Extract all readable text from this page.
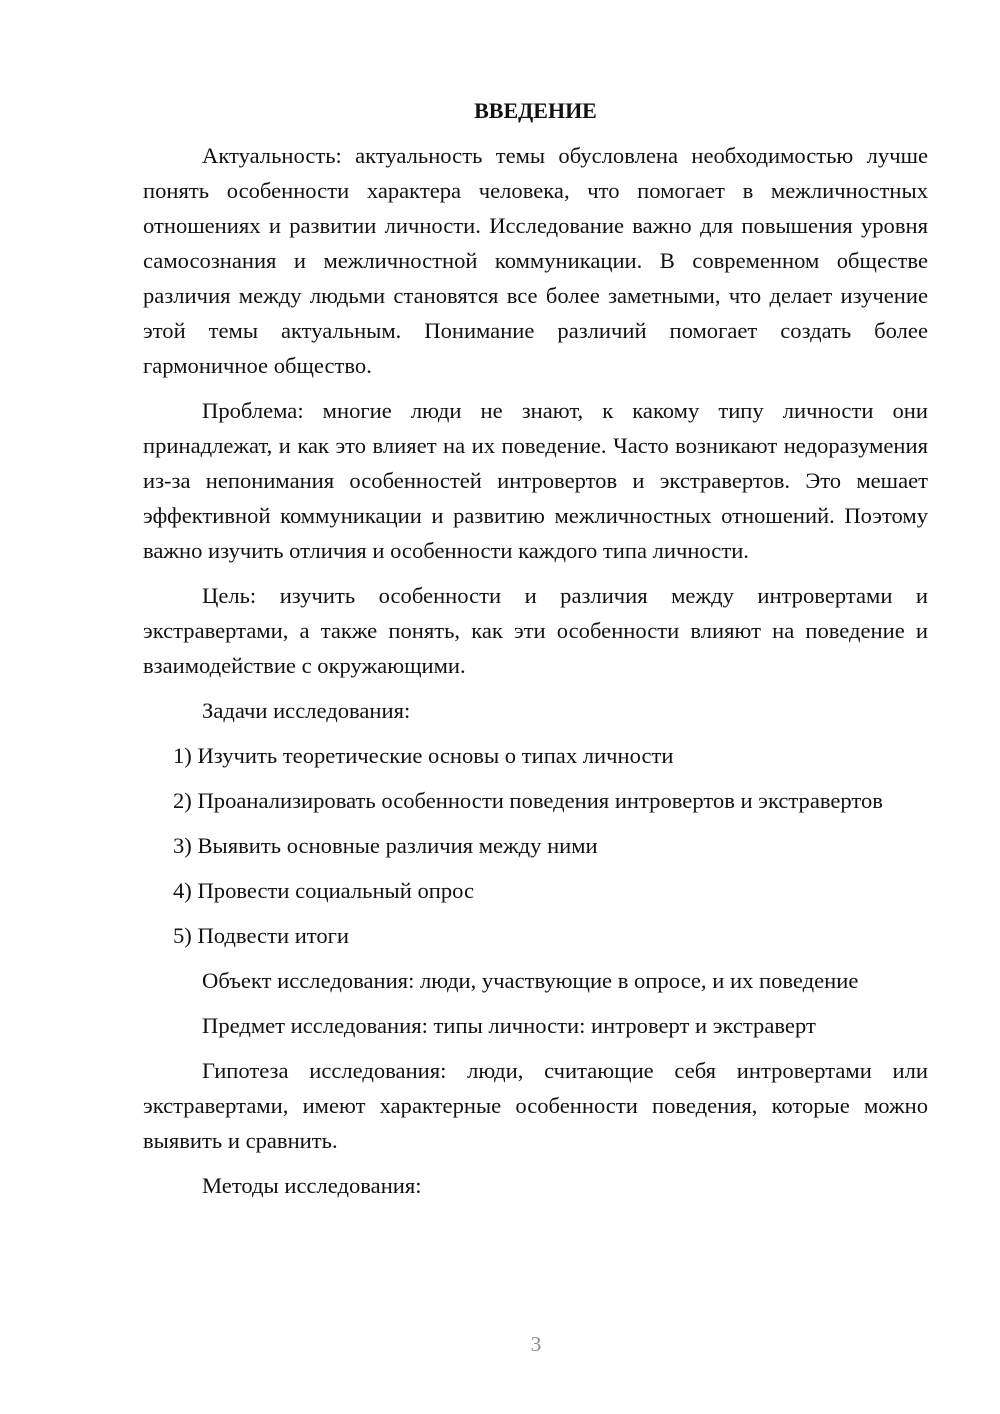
ВВЕДЕНИЕ

Актуальность: актуальность темы обусловлена необходимостью лучше понять особенности характера человека, что помогает в межличностных отношениях и развитии личности. Исследование важно для повышения уровня самосознания и межличностной коммуникации. В современном обществе различия между людьми становятся все более заметными, что делает изучение этой темы актуальным. Понимание различий помогает создать более гармоничное общество.

Проблема: многие люди не знают, к какому типу личности они принадлежат, и как это влияет на их поведение. Часто возникают недоразумения из-за непонимания особенностей интровертов и экстравертов. Это мешает эффективной коммуникации и развитию межличностных отношений. Поэтому важно изучить отличия и особенности каждого типа личности.

Цель: изучить особенности и различия между интровертами и экстравертами, а также понять, как эти особенности влияют на поведение и взаимодействие с окружающими.

Задачи исследования:

1) Изучить теоретические основы о типах личности

2) Проанализировать особенности поведения интровертов и экстравертов

3) Выявить основные различия между ними

4) Провести социальный опрос

5) Подвести итоги

Объект исследования: люди, участвующие в опросе, и их поведение

Предмет исследования: типы личности: интроверт и экстраверт

Гипотеза исследования: люди, считающие себя интровертами или экстравертами, имеют характерные особенности поведения, которые можно выявить и сравнить.

Методы исследования:

3
